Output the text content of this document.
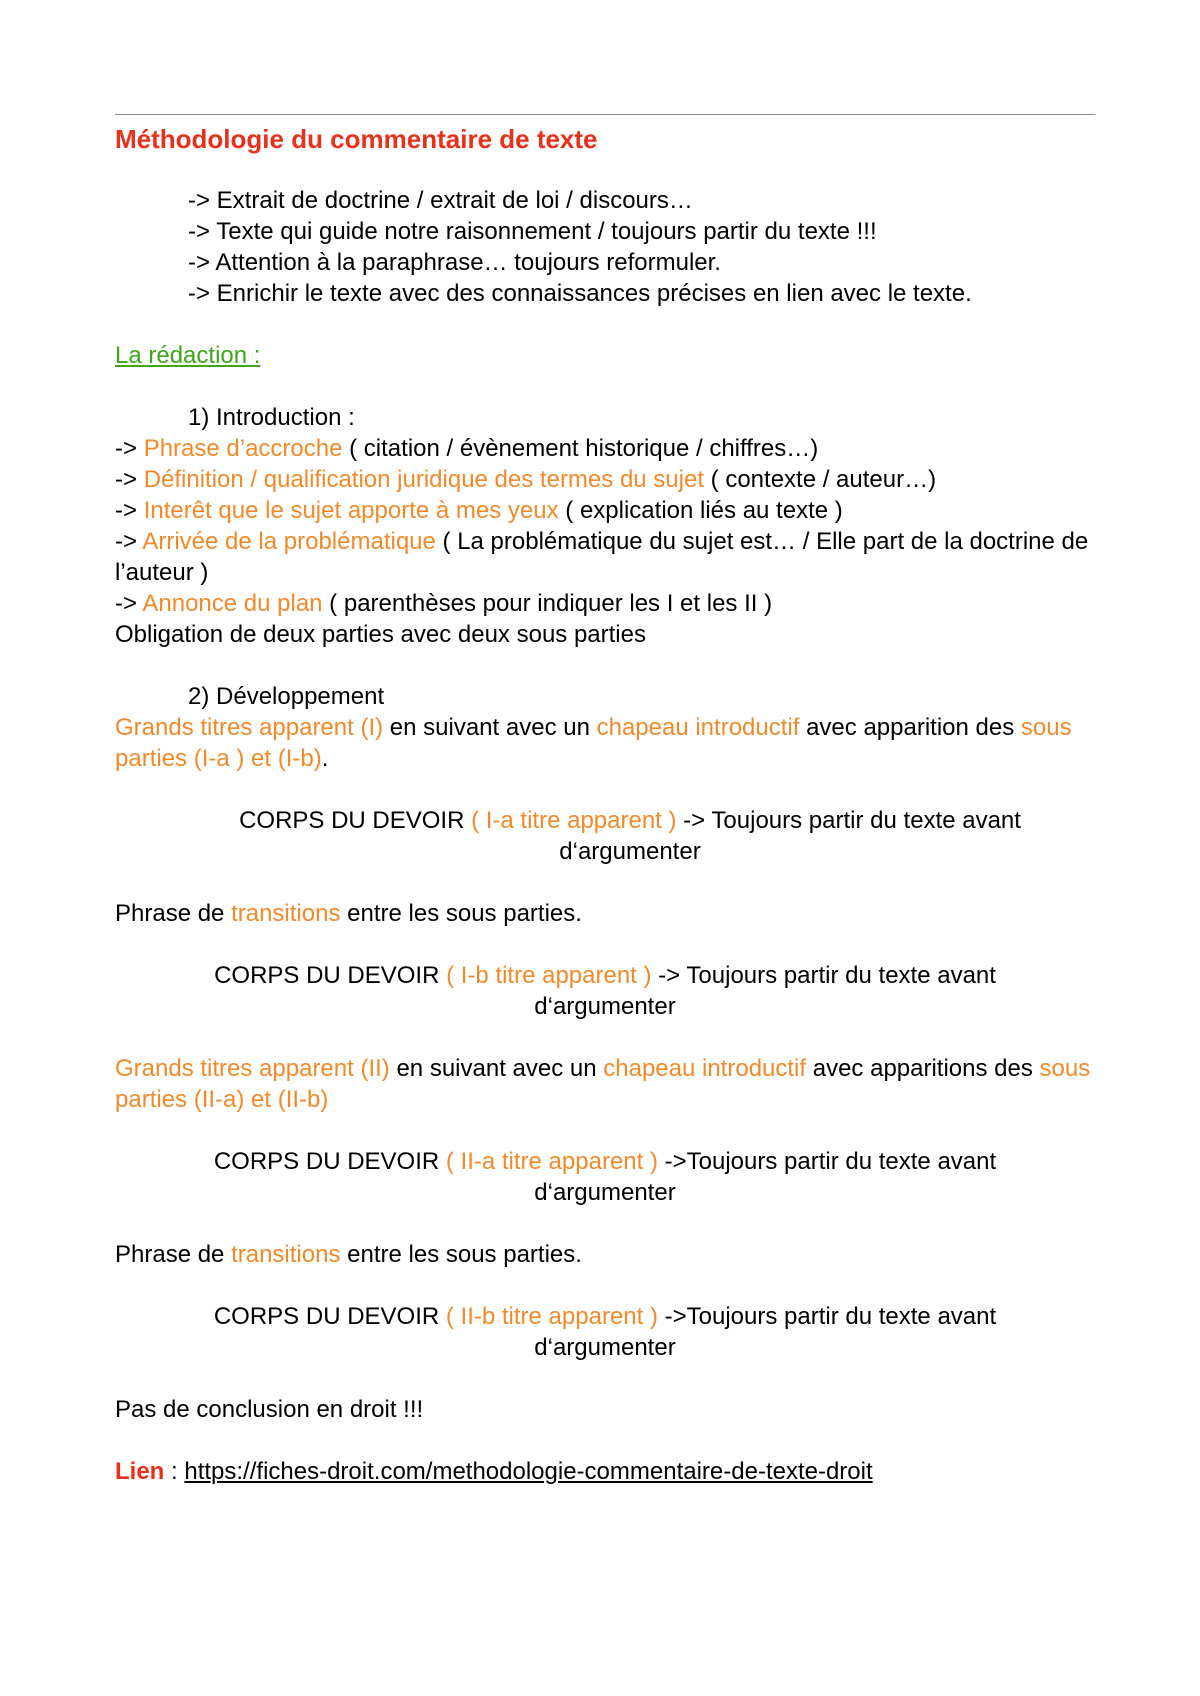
Méthodologie du commentaire de texte

-> Extrait de doctrine / extrait de loi / discours…

-> Texte qui guide notre raisonnement / toujours partir du texte !!!

-> Attention à la paraphrase… toujours reformuler.

-> Enrichir le texte avec des connaissances précises en lien avec le texte.

La rédaction :

1) Introduction :

-> Phrase d’accroche ( citation / évènement historique / chiffres…)

-> Définition / qualification juridique des termes du sujet ( contexte / auteur…)

-> Interêt que le sujet apporte à mes yeux ( explication liés au texte )

-> Arrivée de la problématique ( La problématique du sujet est… / Elle part de la doctrine de l’auteur )

-> Annonce du plan ( parenthèses pour indiquer les I et les II )

Obligation de deux parties avec deux sous parties

2) Développement

Grands titres apparent (I) en suivant avec un chapeau introductif avec apparition des sous parties (I-a ) et (I-b).

CORPS DU DEVOIR ( I-a titre apparent ) -> Toujours partir du texte avant d‘argumenter

Phrase de transitions entre les sous parties.

CORPS DU DEVOIR ( I-b titre apparent ) -> Toujours partir du texte avant d‘argumenter

Grands titres apparent (II) en suivant avec un chapeau introductif avec apparitions des sous parties (II-a) et (II-b)

CORPS DU DEVOIR ( II-a titre apparent ) ->Toujours partir du texte avant d‘argumenter

Phrase de transitions entre les sous parties.

CORPS DU DEVOIR ( II-b titre apparent ) ->Toujours partir du texte avant d‘argumenter

Pas de conclusion en droit !!!

Lien : https://fiches-droit.com/methodologie-commentaire-de-texte-droit
